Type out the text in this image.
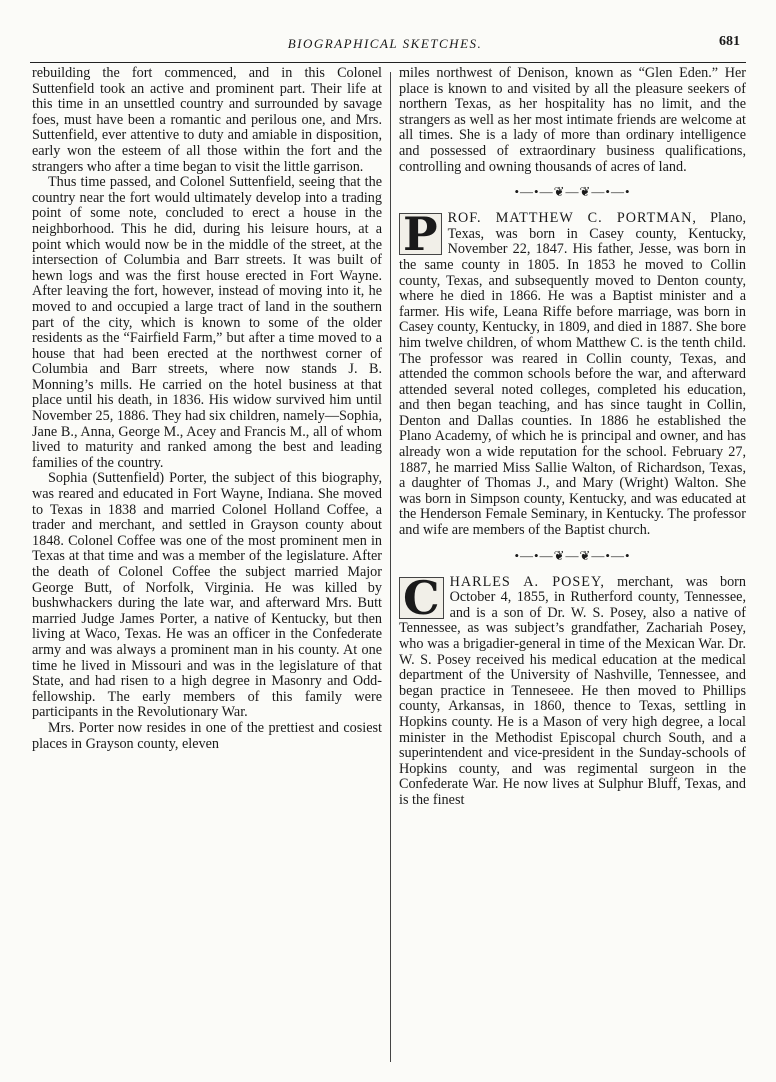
BIOGRAPHICAL SKETCHES.	681

rebuilding the fort commenced, and in this Colonel Suttenfield took an active and prominent part. Their life at this time in an unsettled country and surrounded by savage foes, must have been a romantic and perilous one, and Mrs. Suttenfield, ever attentive to duty and amiable in disposition, early won the esteem of all those within the fort and the strangers who after a time began to visit the little garrison.

Thus time passed, and Colonel Suttenfield, seeing that the country near the fort would ultimately develop into a trading point of some note, concluded to erect a house in the neighborhood. This he did, during his leisure hours, at a point which would now be in the middle of the street, at the intersection of Columbia and Barr streets. It was built of hewn logs and was the first house erected in Fort Wayne. After leaving the fort, however, instead of moving into it, he moved to and occupied a large tract of land in the southern part of the city, which is known to some of the older residents as the “Fairfield Farm,” but after a time moved to a house that had been erected at the northwest corner of Columbia and Barr streets, where now stands J. B. Monning’s mills. He carried on the hotel business at that place until his death, in 1836. His widow survived him until November 25, 1886. They had six children, namely—Sophia, Jane B., Anna, George M., Acey and Francis M., all of whom lived to maturity and ranked among the best and leading families of the country.

Sophia (Suttenfield) Porter, the subject of this biography, was reared and educated in Fort Wayne, Indiana. She moved to Texas in 1838 and married Colonel Holland Coffee, a trader and merchant, and settled in Grayson county about 1848. Colonel Coffee was one of the most prominent men in Texas at that time and was a member of the legislature. After the death of Colonel Coffee the subject married Major George Butt, of Norfolk, Virginia. He was killed by bushwhackers during the late war, and afterward Mrs. Butt married Judge James Porter, a native of Kentucky, but then living at Waco, Texas. He was an officer in the Confederate army and was always a prominent man in his county. At one time he lived in Missouri and was in the legislature of that State, and had risen to a high degree in Masonry and Odd-fellowship. The early members of this family were participants in the Revolutionary War.

Mrs. Porter now resides in one of the prettiest and cosiest places in Grayson county, eleven

miles northwest of Denison, known as “Glen Eden.” Her place is known to and visited by all the pleasure seekers of northern Texas, as her hospitality has no limit, and the strangers as well as her most intimate friends are welcome at all times. She is a lady of more than ordinary intelligence and possessed of extraordinary business qualifications, controlling and owning thousands of acres of land.

•—•—❦—❦—•—•
P ROF. MATTHEW C. PORTMAN, Plano, Texas, was born in Casey county, Kentucky, November 22, 1847. His father, Jesse, was born in the same county in 1805. In 1853 he moved to Collin county, Texas, and subsequently moved to Denton county, where he died in 1866. He was a Baptist minister and a farmer. His wife, Leana Riffe before marriage, was born in Casey county, Kentucky, in 1809, and died in 1887. She bore him twelve children, of whom Matthew C. is the tenth child. The professor was reared in Collin county, Texas, and attended the common schools before the war, and afterward attended several noted colleges, completed his education, and then began teaching, and has since taught in Collin, Denton and Dallas counties. In 1886 he established the Plano Academy, of which he is principal and owner, and has already won a wide reputation for the school. February 27, 1887, he married Miss Sallie Walton, of Richardson, Texas, a daughter of Thomas J., and Mary (Wright) Walton. She was born in Simpson county, Kentucky, and was educated at the Henderson Female Seminary, in Kentucky. The professor and wife are members of the Baptist church.

•—•—❦—❦—•—•
C HARLES A. POSEY, merchant, was born October 4, 1855, in Rutherford county, Tennessee, and is a son of Dr. W. S. Posey, also a native of Tennessee, as was subject’s grandfather, Zachariah Posey, who was a brigadier-general in time of the Mexican War. Dr. W. S. Posey received his medical education at the medical department of the University of Nashville, Tennessee, and began practice in Tenneseee. He then moved to Phillips county, Arkansas, in 1860, thence to Texas, settling in Hopkins county. He is a Mason of very high degree, a local minister in the Methodist Episcopal church South, and a superintendent and vice-president in the Sunday-schools of Hopkins county, and was regimental surgeon in the Confederate War. He now lives at Sulphur Bluff, Texas, and is the finest
